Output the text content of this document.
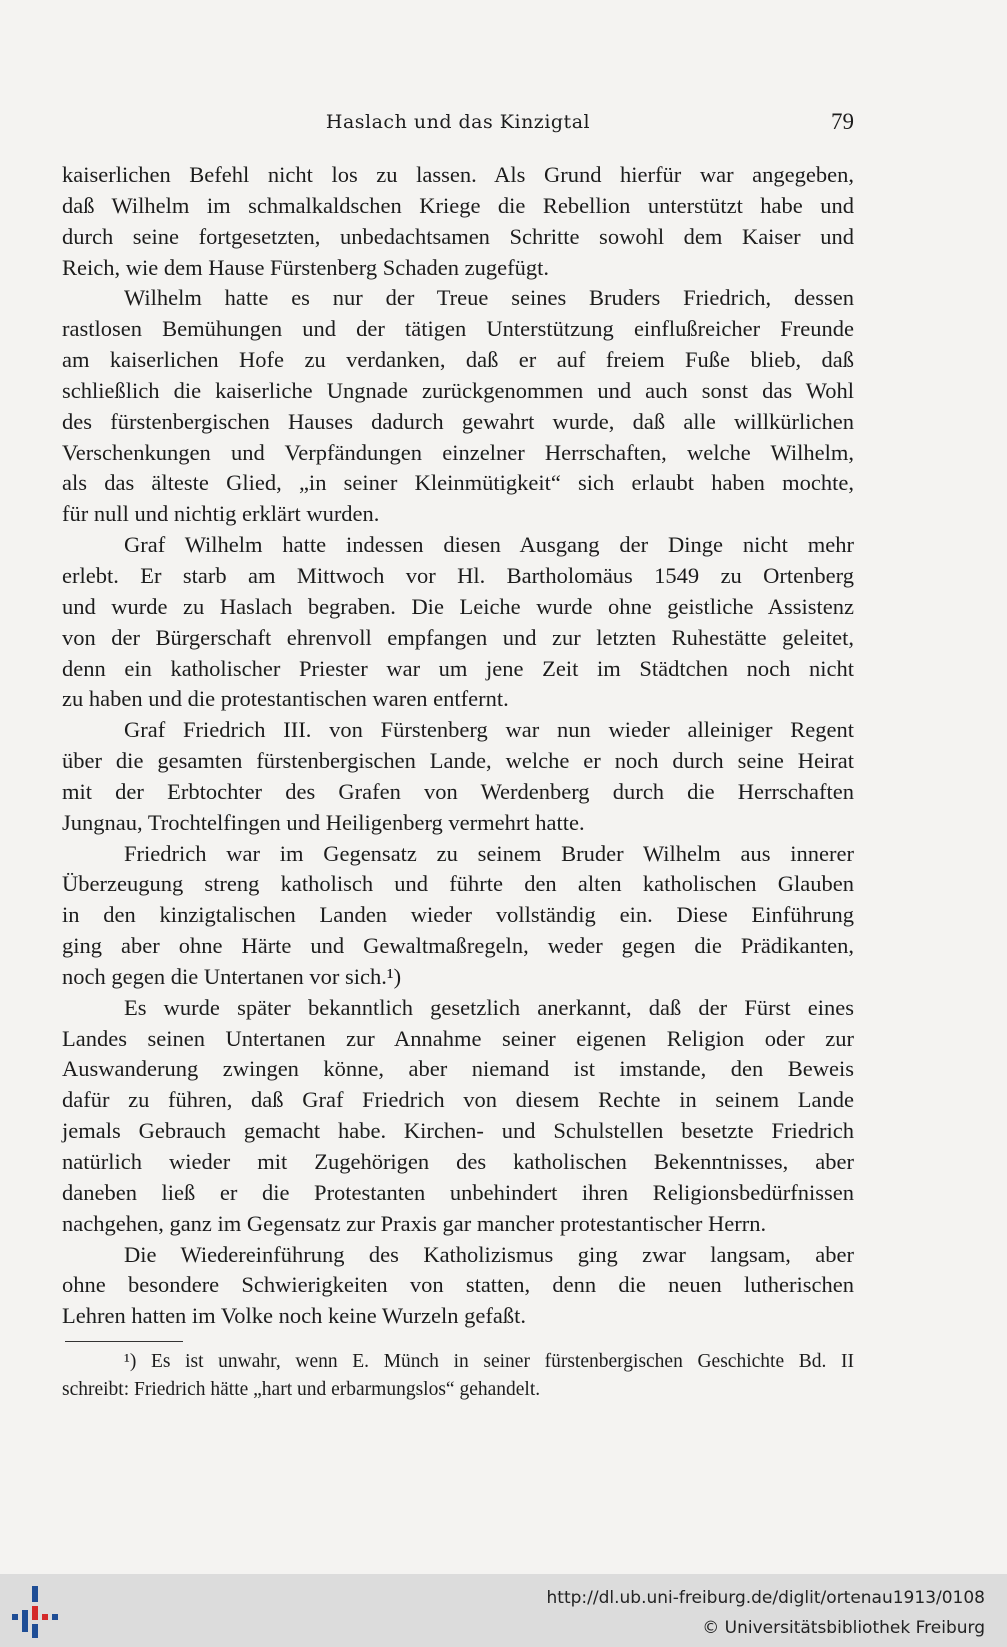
Haslach und das Kinzigtal	79
kaiserlichen Befehl nicht los zu lassen. Als Grund hierfür war angegeben,
daß Wilhelm im schmalkaldschen Kriege die Rebellion unterstützt habe und
durch seine fortgesetzten, unbedachtsamen Schritte sowohl dem Kaiser und
Reich, wie dem Hause Fürstenberg Schaden zugefügt.
Wilhelm hatte es nur der Treue seines Bruders Friedrich, dessen
rastlosen Bemühungen und der tätigen Unterstützung einflußreicher Freunde
am kaiserlichen Hofe zu verdanken, daß er auf freiem Fuße blieb, daß
schließlich die kaiserliche Ungnade zurückgenommen und auch sonst das Wohl
des fürstenbergischen Hauses dadurch gewahrt wurde, daß alle willkürlichen
Verschenkungen und Verpfändungen einzelner Herrschaften, welche Wilhelm,
als das älteste Glied, „in seiner Kleinmütigkeit“ sich erlaubt haben mochte,
für null und nichtig erklärt wurden.
Graf Wilhelm hatte indessen diesen Ausgang der Dinge nicht mehr
erlebt. Er starb am Mittwoch vor Hl. Bartholomäus 1549 zu Ortenberg
und wurde zu Haslach begraben. Die Leiche wurde ohne geistliche Assistenz
von der Bürgerschaft ehrenvoll empfangen und zur letzten Ruhestätte geleitet,
denn ein katholischer Priester war um jene Zeit im Städtchen noch nicht
zu haben und die protestantischen waren entfernt.
Graf Friedrich III. von Fürstenberg war nun wieder alleiniger Regent
über die gesamten fürstenbergischen Lande, welche er noch durch seine Heirat
mit der Erbtochter des Grafen von Werdenberg durch die Herrschaften
Jungnau, Trochtelfingen und Heiligenberg vermehrt hatte.
Friedrich war im Gegensatz zu seinem Bruder Wilhelm aus innerer
Überzeugung streng katholisch und führte den alten katholischen Glauben
in den kinzigtalischen Landen wieder vollständig ein. Diese Einführung
ging aber ohne Härte und Gewaltmaßregeln, weder gegen die Prädikanten,
noch gegen die Untertanen vor sich.¹)
Es wurde später bekanntlich gesetzlich anerkannt, daß der Fürst eines
Landes seinen Untertanen zur Annahme seiner eigenen Religion oder zur
Auswanderung zwingen könne, aber niemand ist imstande, den Beweis
dafür zu führen, daß Graf Friedrich von diesem Rechte in seinem Lande
jemals Gebrauch gemacht habe. Kirchen- und Schulstellen besetzte Friedrich
natürlich wieder mit Zugehörigen des katholischen Bekenntnisses, aber
daneben ließ er die Protestanten unbehindert ihren Religionsbedürfnissen
nachgehen, ganz im Gegensatz zur Praxis gar mancher protestantischer Herrn.
Die Wiedereinführung des Katholizismus ging zwar langsam, aber
ohne besondere Schwierigkeiten von statten, denn die neuen lutherischen
Lehren hatten im Volke noch keine Wurzeln gefaßt.
¹) Es ist unwahr, wenn E. Münch in seiner fürstenbergischen Geschichte Bd. II
schreibt: Friedrich hätte „hart und erbarmungslos“ gehandelt.
http://dl.ub.uni-freiburg.de/diglit/ortenau1913/0108
© Universitätsbibliothek Freiburg
